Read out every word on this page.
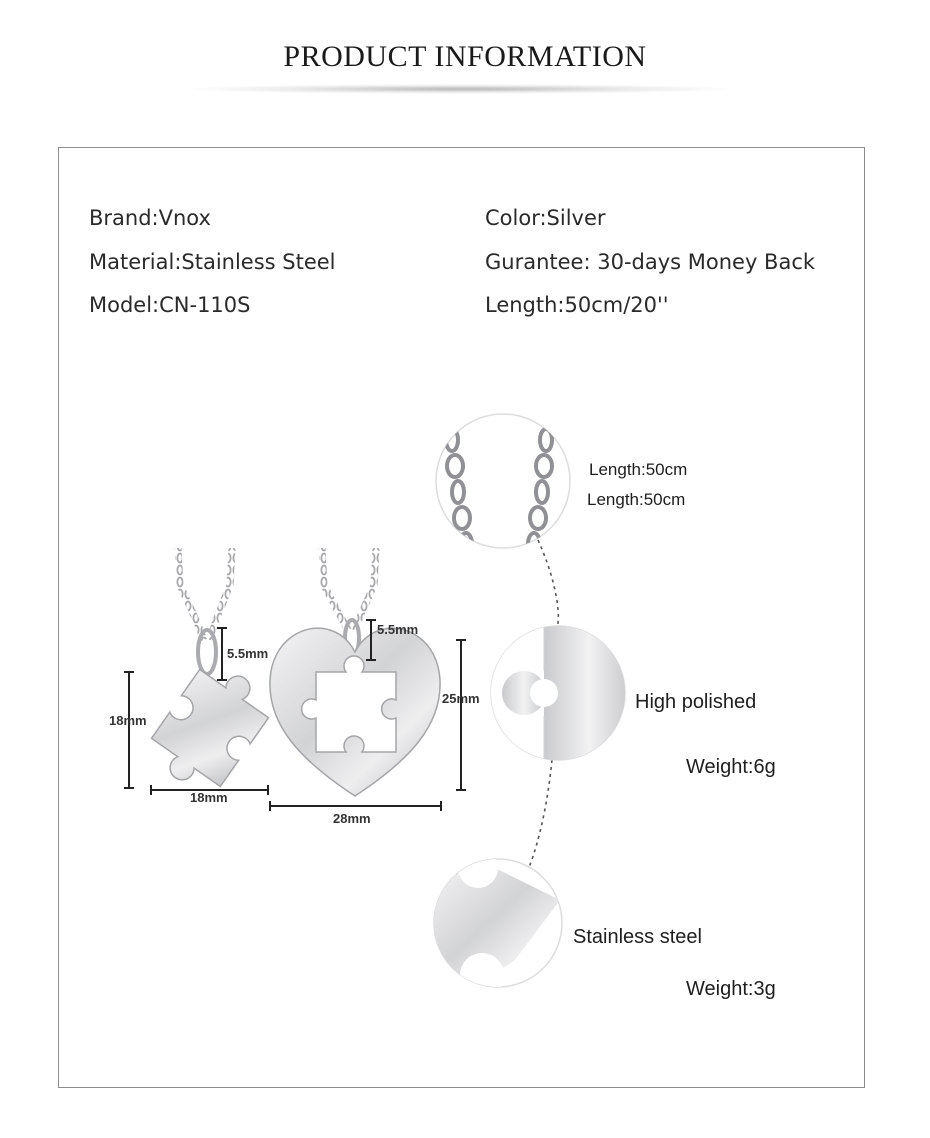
PRODUCT INFORMATION
Brand:Vnox
Material:Stainless Steel
Model:CN-110S
Color:Silver
Gurantee: 30-days Money Back
Length:50cm/20''
5.5mm
18mm
18mm
5.5mm
25mm
28mm
Length:50cm
Length:50cm
High polished
Weight:6g
Stainless steel
Weight:3g
